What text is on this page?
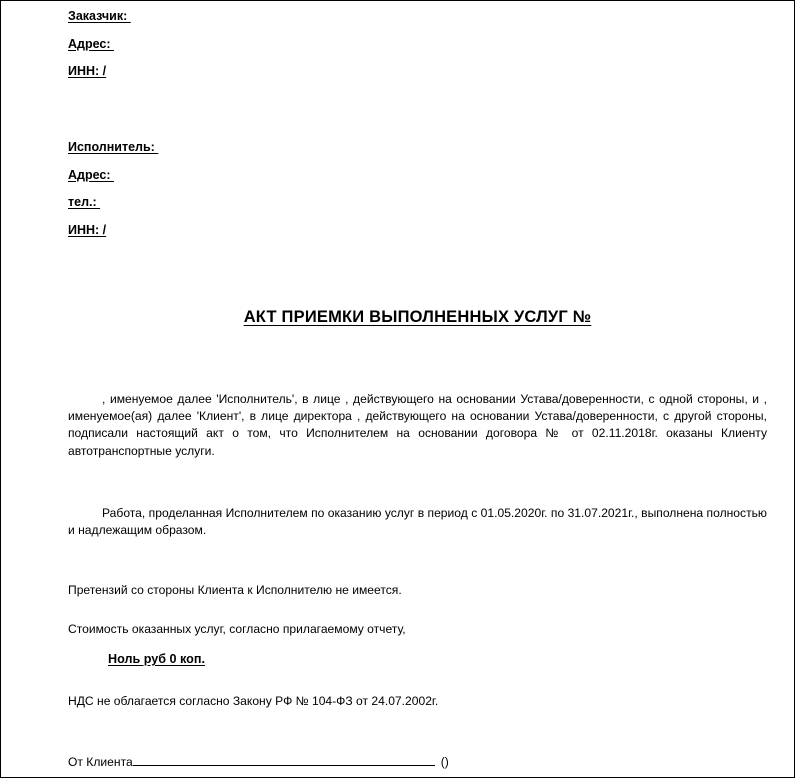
Заказчик:
Адрес:
ИНН: /
Исполнитель:
Адрес:
тел.:
ИНН: /
АКТ ПРИЕМКИ ВЫПОЛНЕННЫХ УСЛУГ №

, именуемое далее 'Исполнитель', в лице , действующего на основании Устава/доверенности, с одной стороны, и , именуемое(ая) далее 'Клиент', в лице директора , действующего на основании Устава/доверенности, с другой стороны, подписали настоящий акт о том, что Исполнителем на основании договора № от 02.11.2018г. оказаны Клиенту автотранспортные услуги.

Работа, проделанная Исполнителем по оказанию услуг в период с 01.05.2020г. по 31.07.2021г., выполнена полностью и надлежащим образом.

Претензий со стороны Клиента к Исполнителю не имеется.

Стоимость оказанных услуг, согласно прилагаемому отчету,

Ноль руб 0 коп.

НДС не облагается согласно Закону РФ № 104-ФЗ от 24.07.2002г.

От Клиента	()
